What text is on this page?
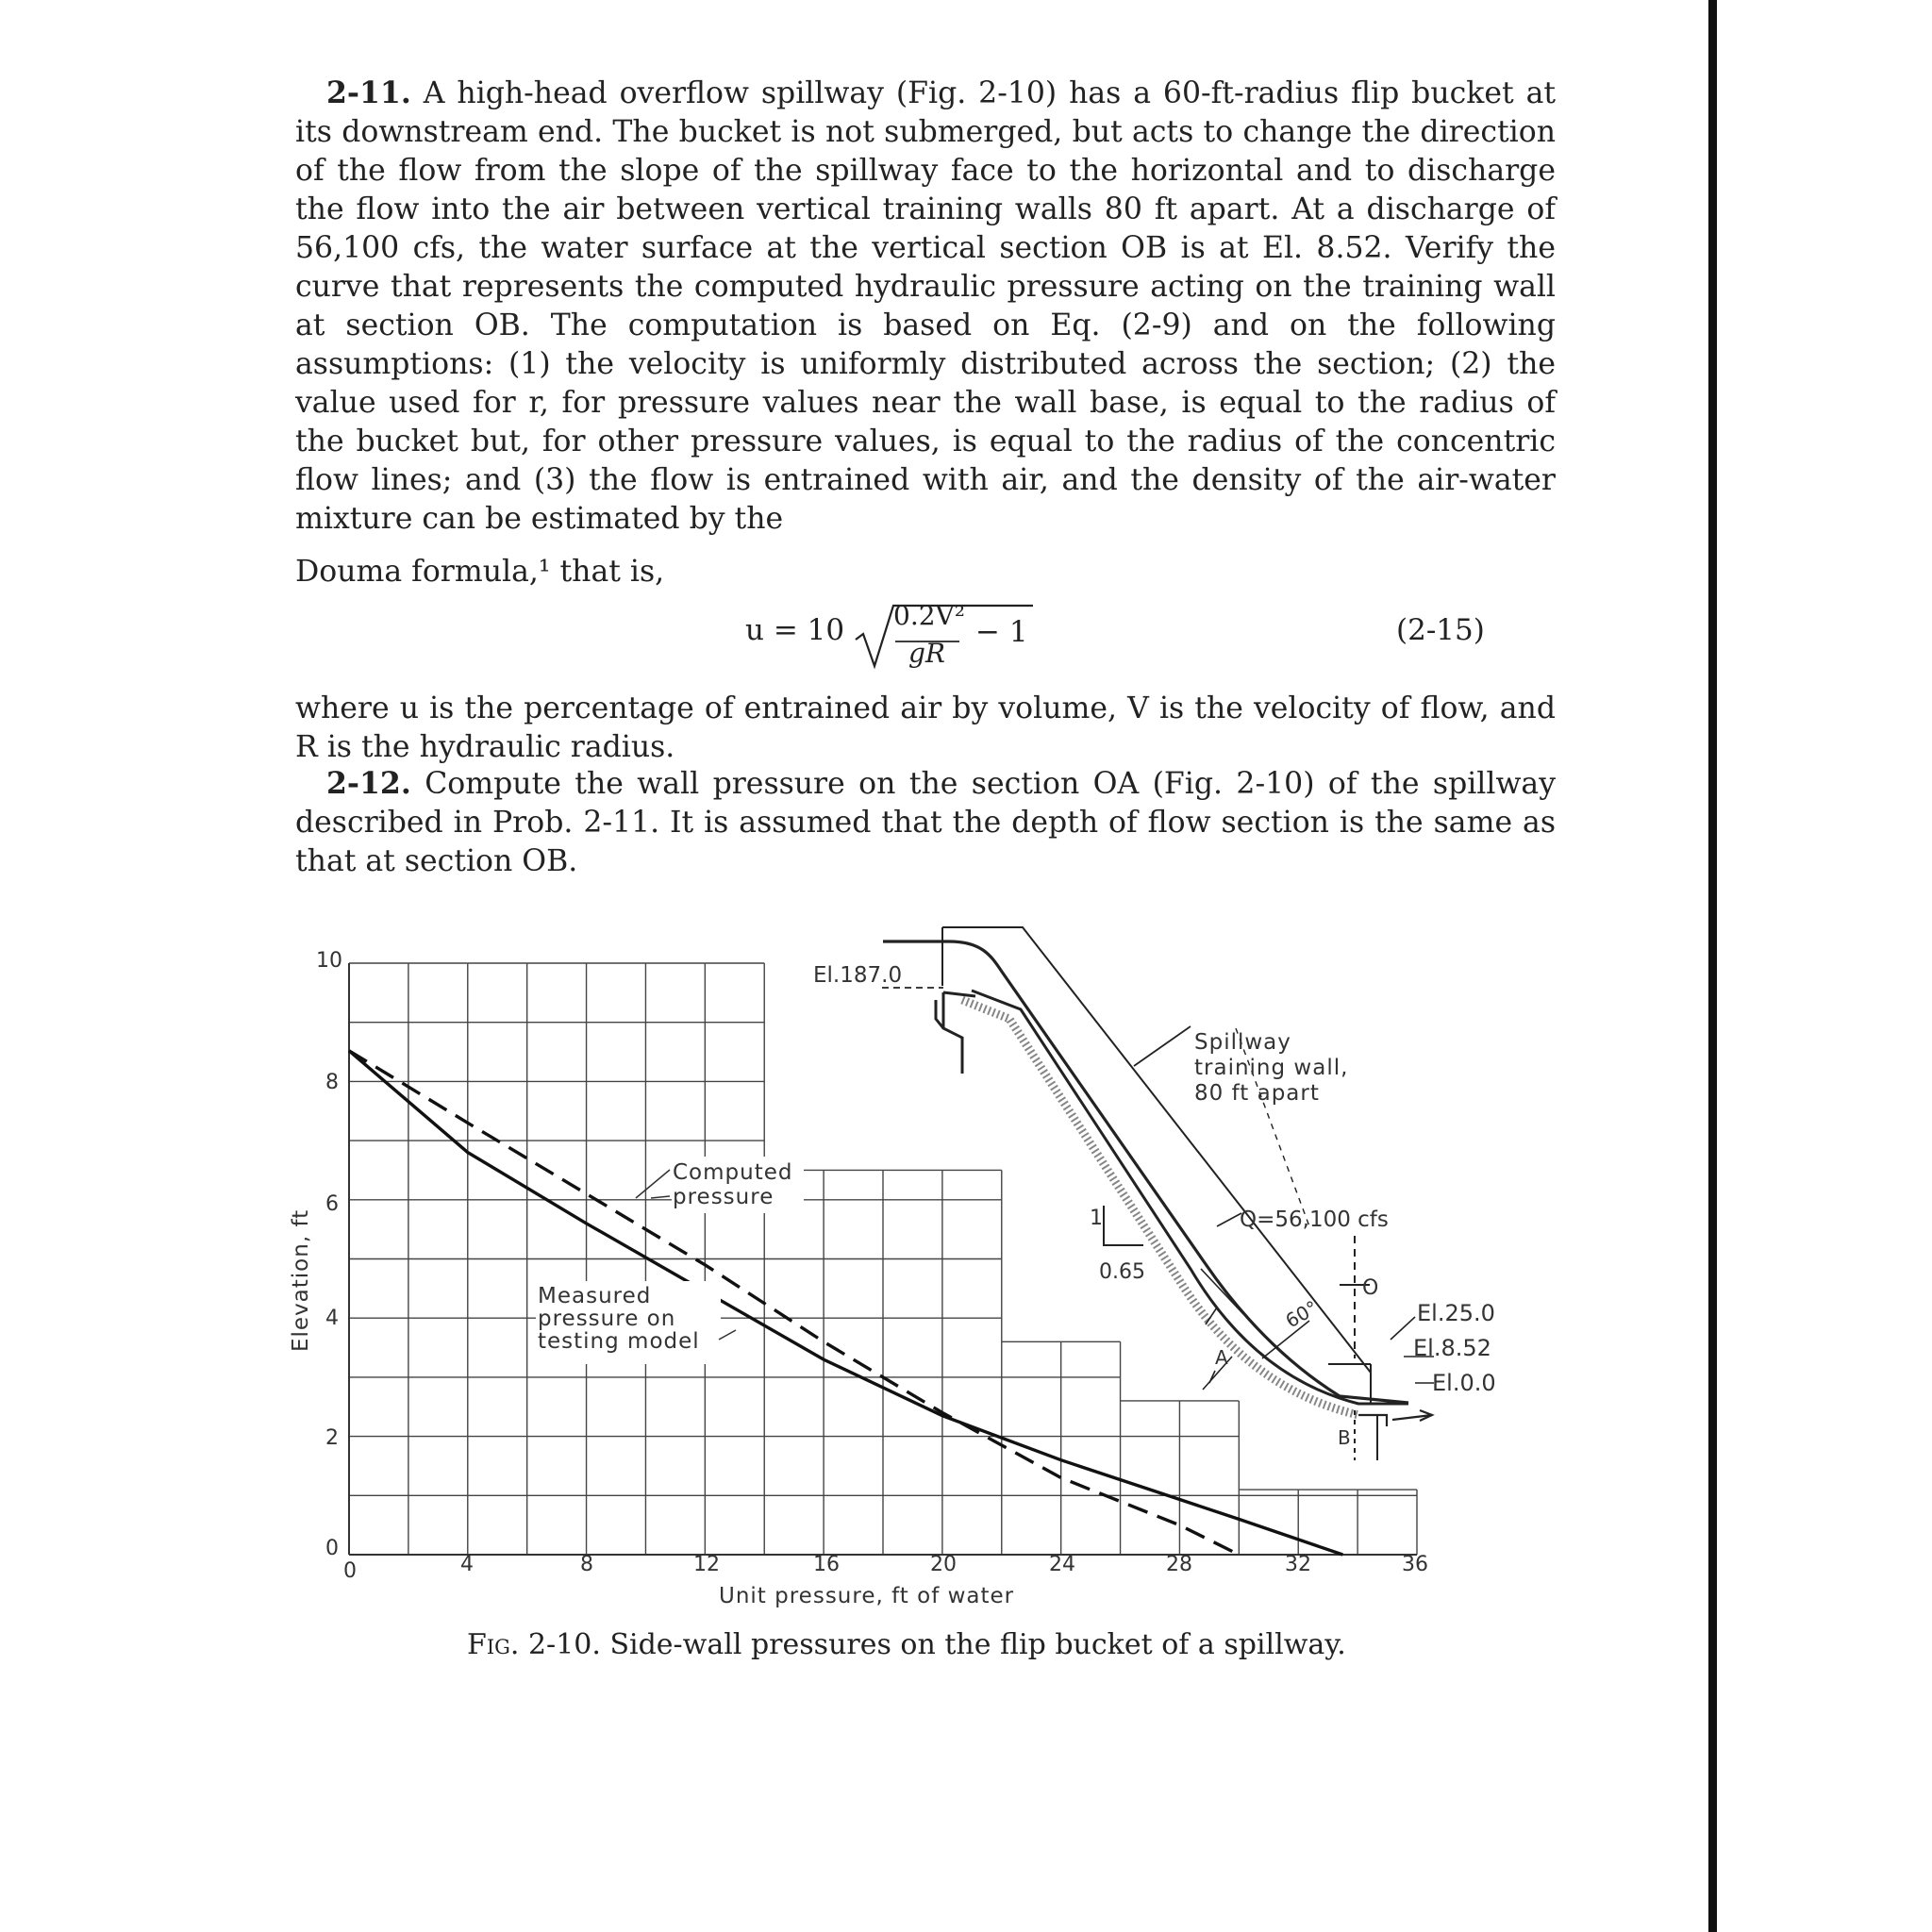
2-11. A high-head overflow spillway (Fig. 2-10) has a 60-ft-radius flip bucket at its downstream end. The bucket is not submerged, but acts to change the direction of the flow from the slope of the spillway face to the horizontal and to discharge the flow into the air between vertical training walls 80 ft apart. At a discharge of 56,100 cfs, the water surface at the vertical section OB is at El. 8.52. Verify the curve that represents the computed hydraulic pressure acting on the training wall at section OB. The computation is based on Eq. (2-9) and on the following assumptions: (1) the velocity is uniformly distributed across the section; (2) the value used for r, for pressure values near the wall base, is equal to the radius of the bucket but, for other pressure values, is equal to the radius of the concentric flow lines; and (3) the flow is entrained with air, and the density of the air-water mixture can be estimated by the

Douma formula,¹ that is,

u = 10 0.2V²
gR
− 1	(2-15)

where u is the percentage of entrained air by volume, V is the velocity of flow, and R is the hydraulic radius.

2-12. Compute the wall pressure on the section OA (Fig. 2-10) of the spillway described in Prob. 2-11. It is assumed that the depth of flow section is the same as that at section OB.

10
8
6
4
2
0
0	4	8	12	16	20	24	28	32	36
Unit pressure, ft of water
Elevation, ft
El.187.0
Spillway
training wall,
80 ft apart
Q=56,100 cfs
Computed
pressure
Measured
pressure on
testing model
1
0.65
60°
O
A
B
El.25.0
El.8.52
El.0.0
Fig. 2-10. Side-wall pressures on the flip bucket of a spillway.
